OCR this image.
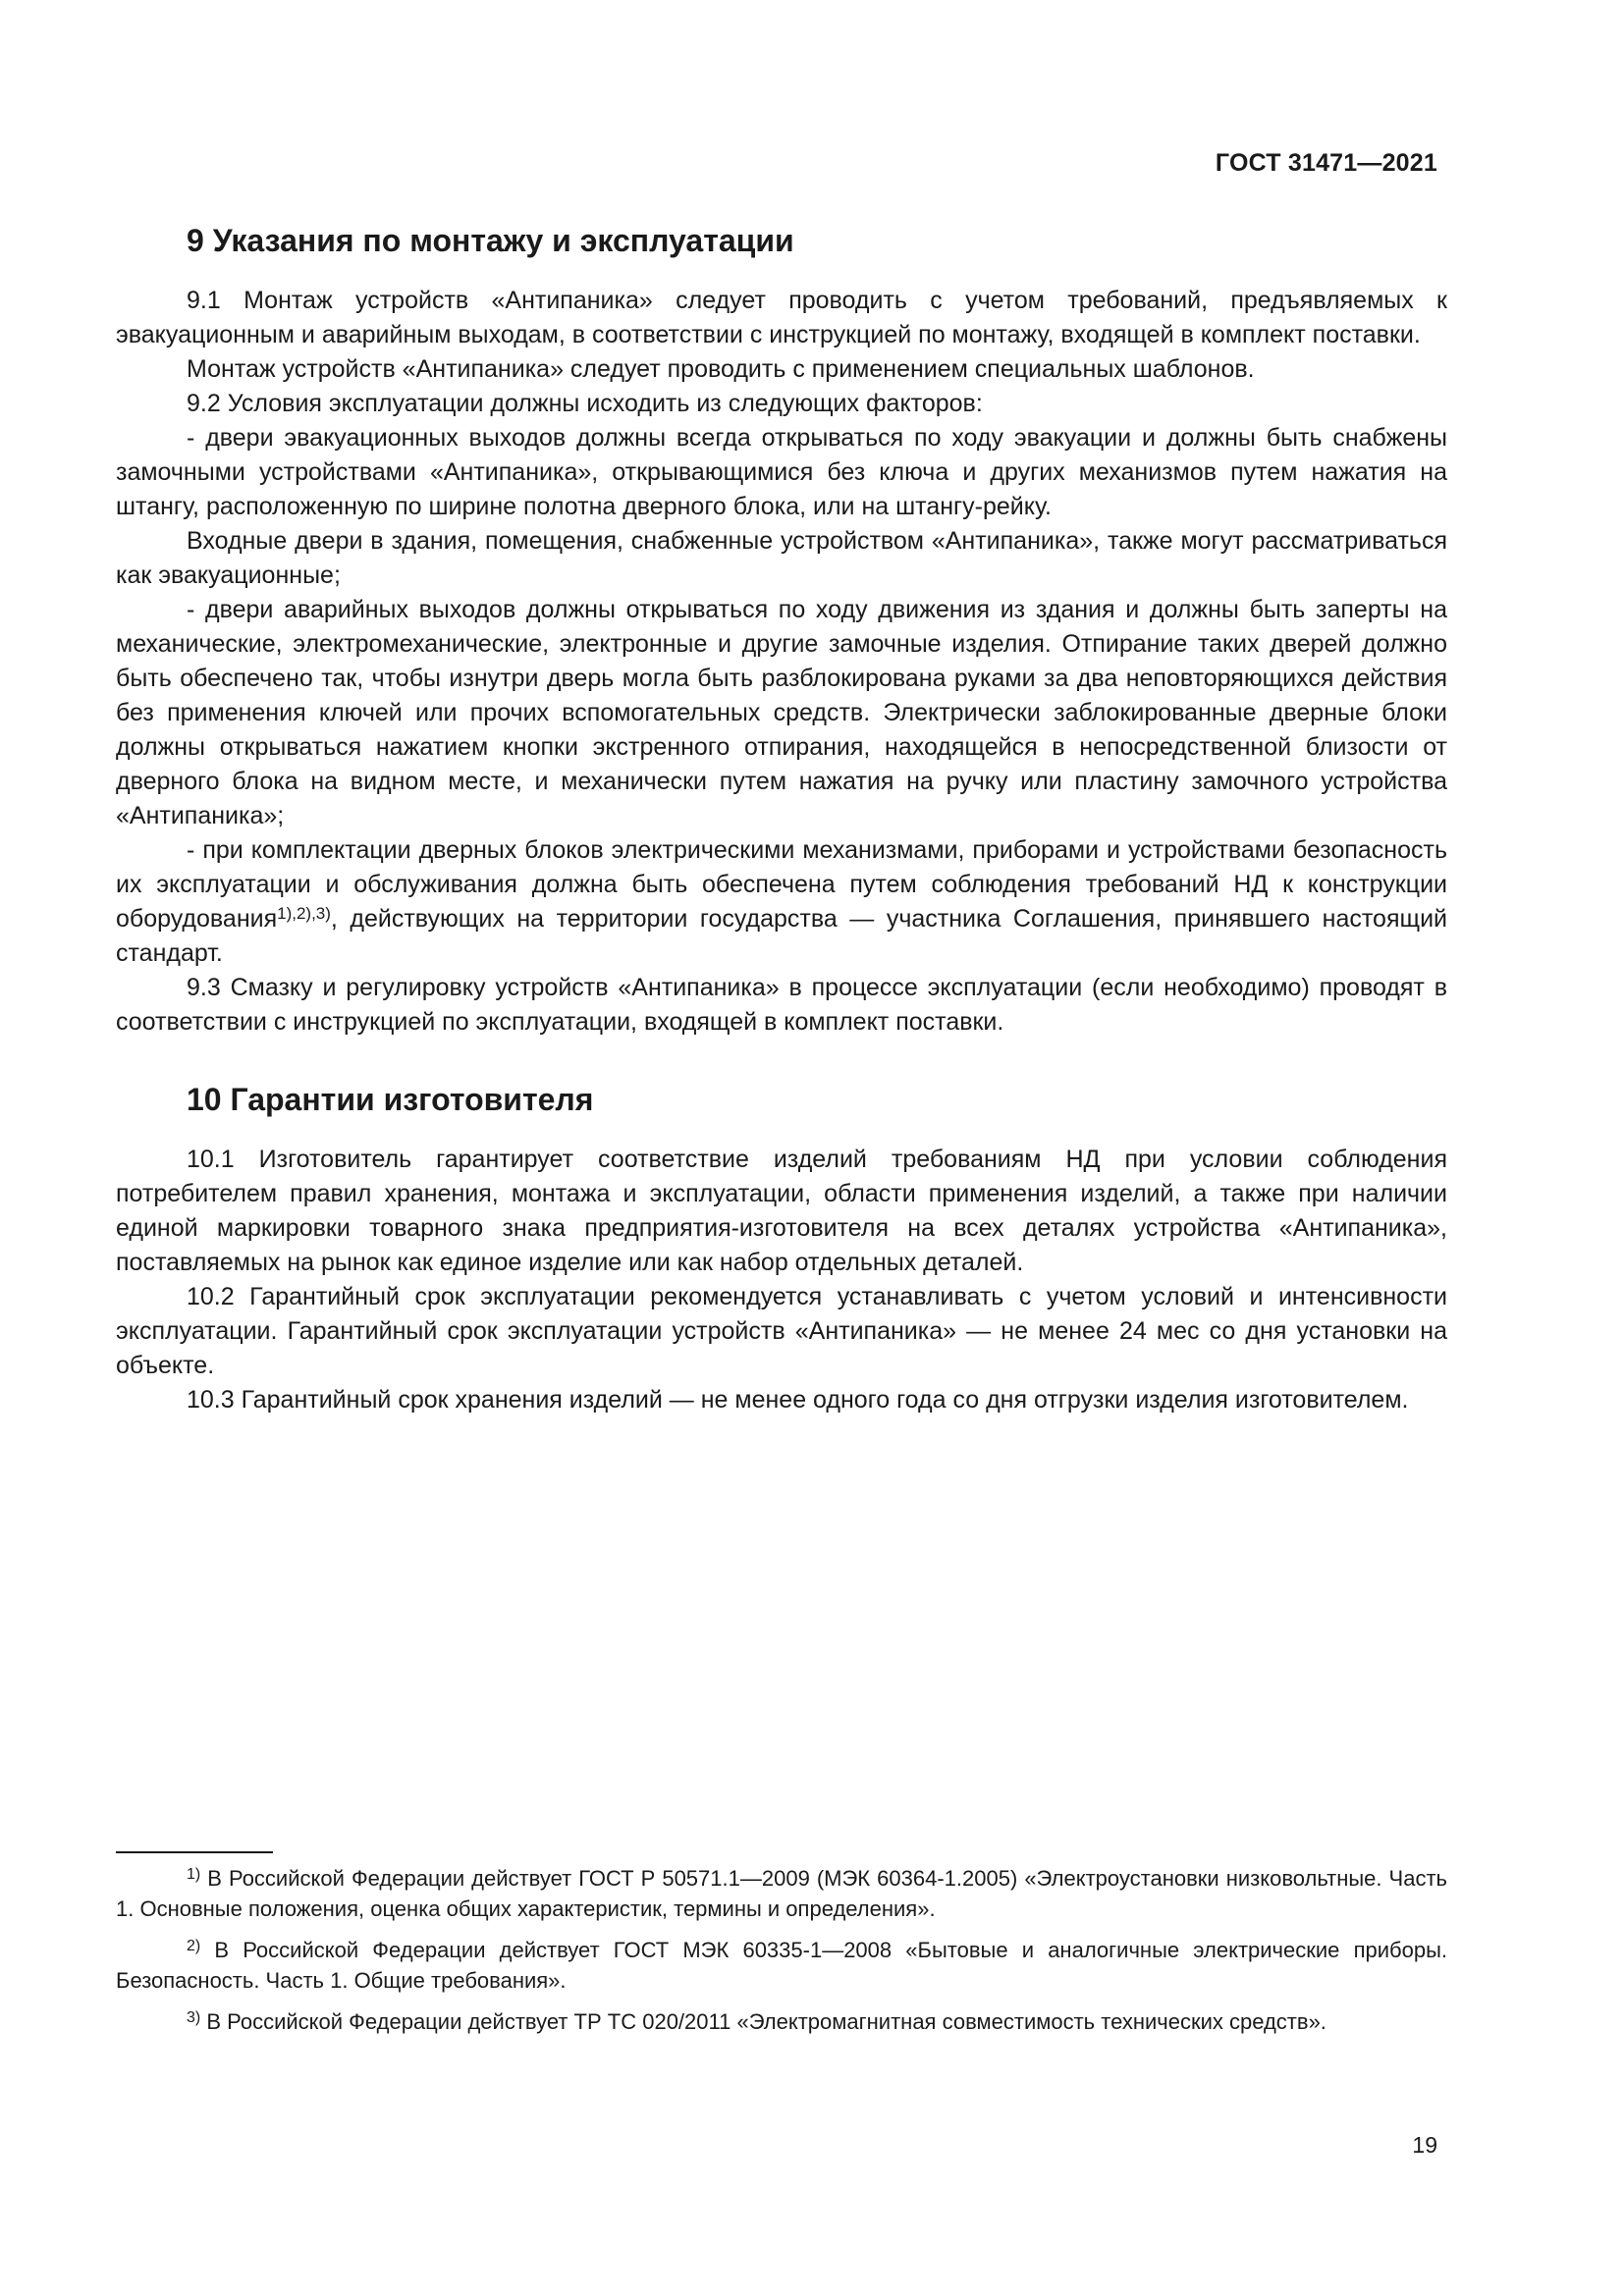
ГОСТ 31471—2021
9 Указания по монтажу и эксплуатации

9.1 Монтаж устройств «Антипаника» следует проводить с учетом требований, предъявляемых к эвакуационным и аварийным выходам, в соответствии с инструкцией по монтажу, входящей в комплект поставки.

Монтаж устройств «Антипаника» следует проводить с применением специальных шаблонов.

9.2 Условия эксплуатации должны исходить из следующих факторов:

- двери эвакуационных выходов должны всегда открываться по ходу эвакуации и должны быть снабжены замочными устройствами «Антипаника», открывающимися без ключа и других механизмов путем нажатия на штангу, расположенную по ширине полотна дверного блока, или на штангу-рейку.

Входные двери в здания, помещения, снабженные устройством «Антипаника», также могут рассматриваться как эвакуационные;

- двери аварийных выходов должны открываться по ходу движения из здания и должны быть заперты на механические, электромеханические, электронные и другие замочные изделия. Отпирание таких дверей должно быть обеспечено так, чтобы изнутри дверь могла быть разблокирована руками за два неповторяющихся действия без применения ключей или прочих вспомогательных средств. Электрически заблокированные дверные блоки должны открываться нажатием кнопки экстренного отпирания, находящейся в непосредственной близости от дверного блока на видном месте, и механически путем нажатия на ручку или пластину замочного устройства «Антипаника»;

- при комплектации дверных блоков электрическими механизмами, приборами и устройствами безопасность их эксплуатации и обслуживания должна быть обеспечена путем соблюдения требований НД к конструкции оборудования$^{1),2),3)}$, действующих на территории государства — участника Соглашения, принявшего настоящий стандарт.

9.3 Смазку и регулировку устройств «Антипаника» в процессе эксплуатации (если необходимо) проводят в соответствии с инструкцией по эксплуатации, входящей в комплект поставки.

10 Гарантии изготовителя

10.1 Изготовитель гарантирует соответствие изделий требованиям НД при условии соблюдения потребителем правил хранения, монтажа и эксплуатации, области применения изделий, а также при наличии единой маркировки товарного знака предприятия-изготовителя на всех деталях устройства «Антипаника», поставляемых на рынок как единое изделие или как набор отдельных деталей.

10.2 Гарантийный срок эксплуатации рекомендуется устанавливать с учетом условий и интенсивности эксплуатации. Гарантийный срок эксплуатации устройств «Антипаника» — не менее 24 мес со дня установки на объекте.

10.3 Гарантийный срок хранения изделий — не менее одного года со дня отгрузки изделия изготовителем.

$^{1)}$ В Российской Федерации действует ГОСТ Р 50571.1—2009 (МЭК 60364-1.2005) «Электроустановки низковольтные. Часть 1. Основные положения, оценка общих характеристик, термины и определения».
$^{2)}$ В Российской Федерации действует ГОСТ МЭК 60335-1—2008 «Бытовые и аналогичные электрические приборы. Безопасность. Часть 1. Общие требования».
$^{3)}$ В Российской Федерации действует ТР ТС 020/2011 «Электромагнитная совместимость технических средств».
19
